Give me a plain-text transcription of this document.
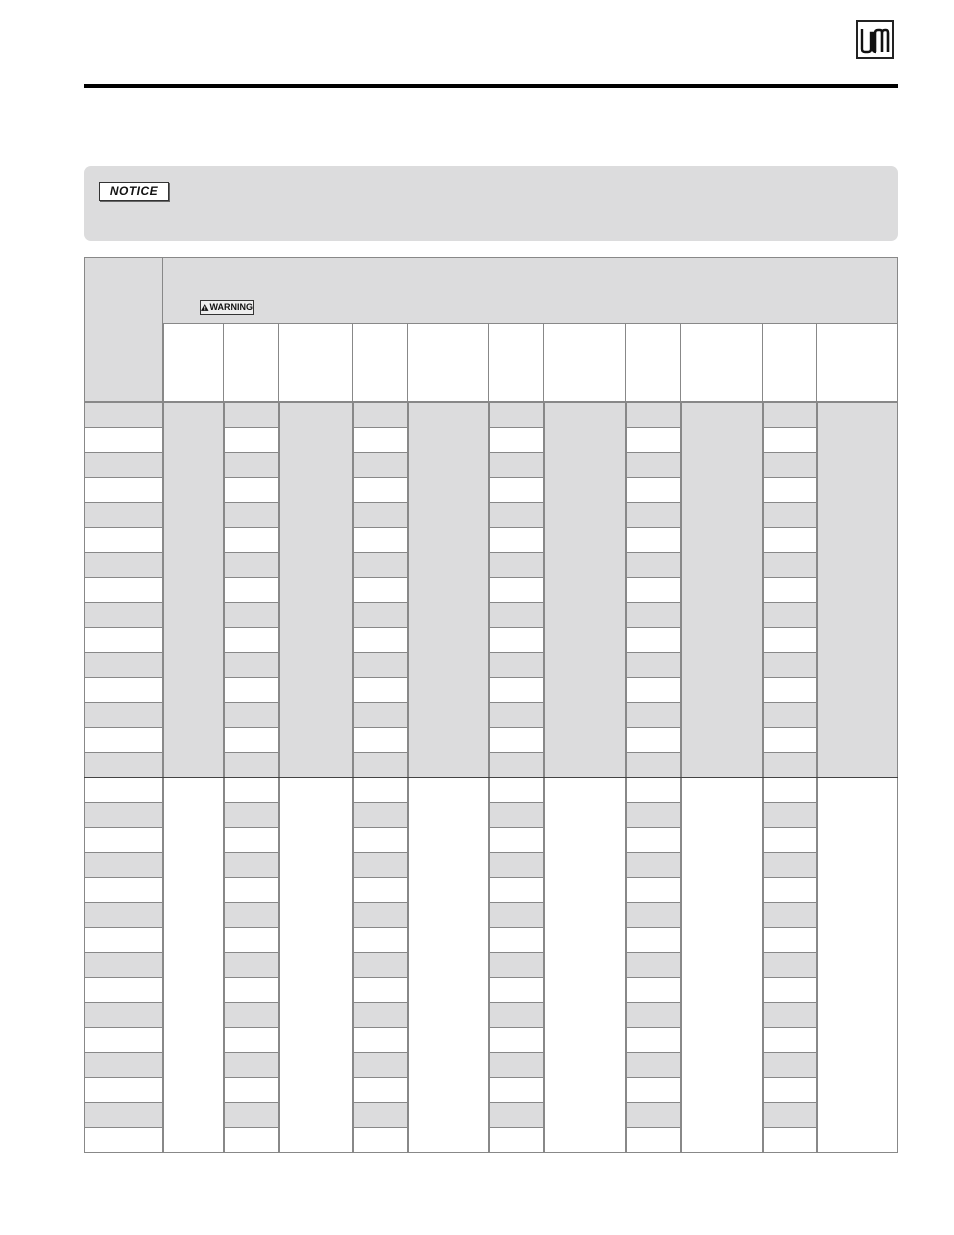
NOTICE
WARNING
